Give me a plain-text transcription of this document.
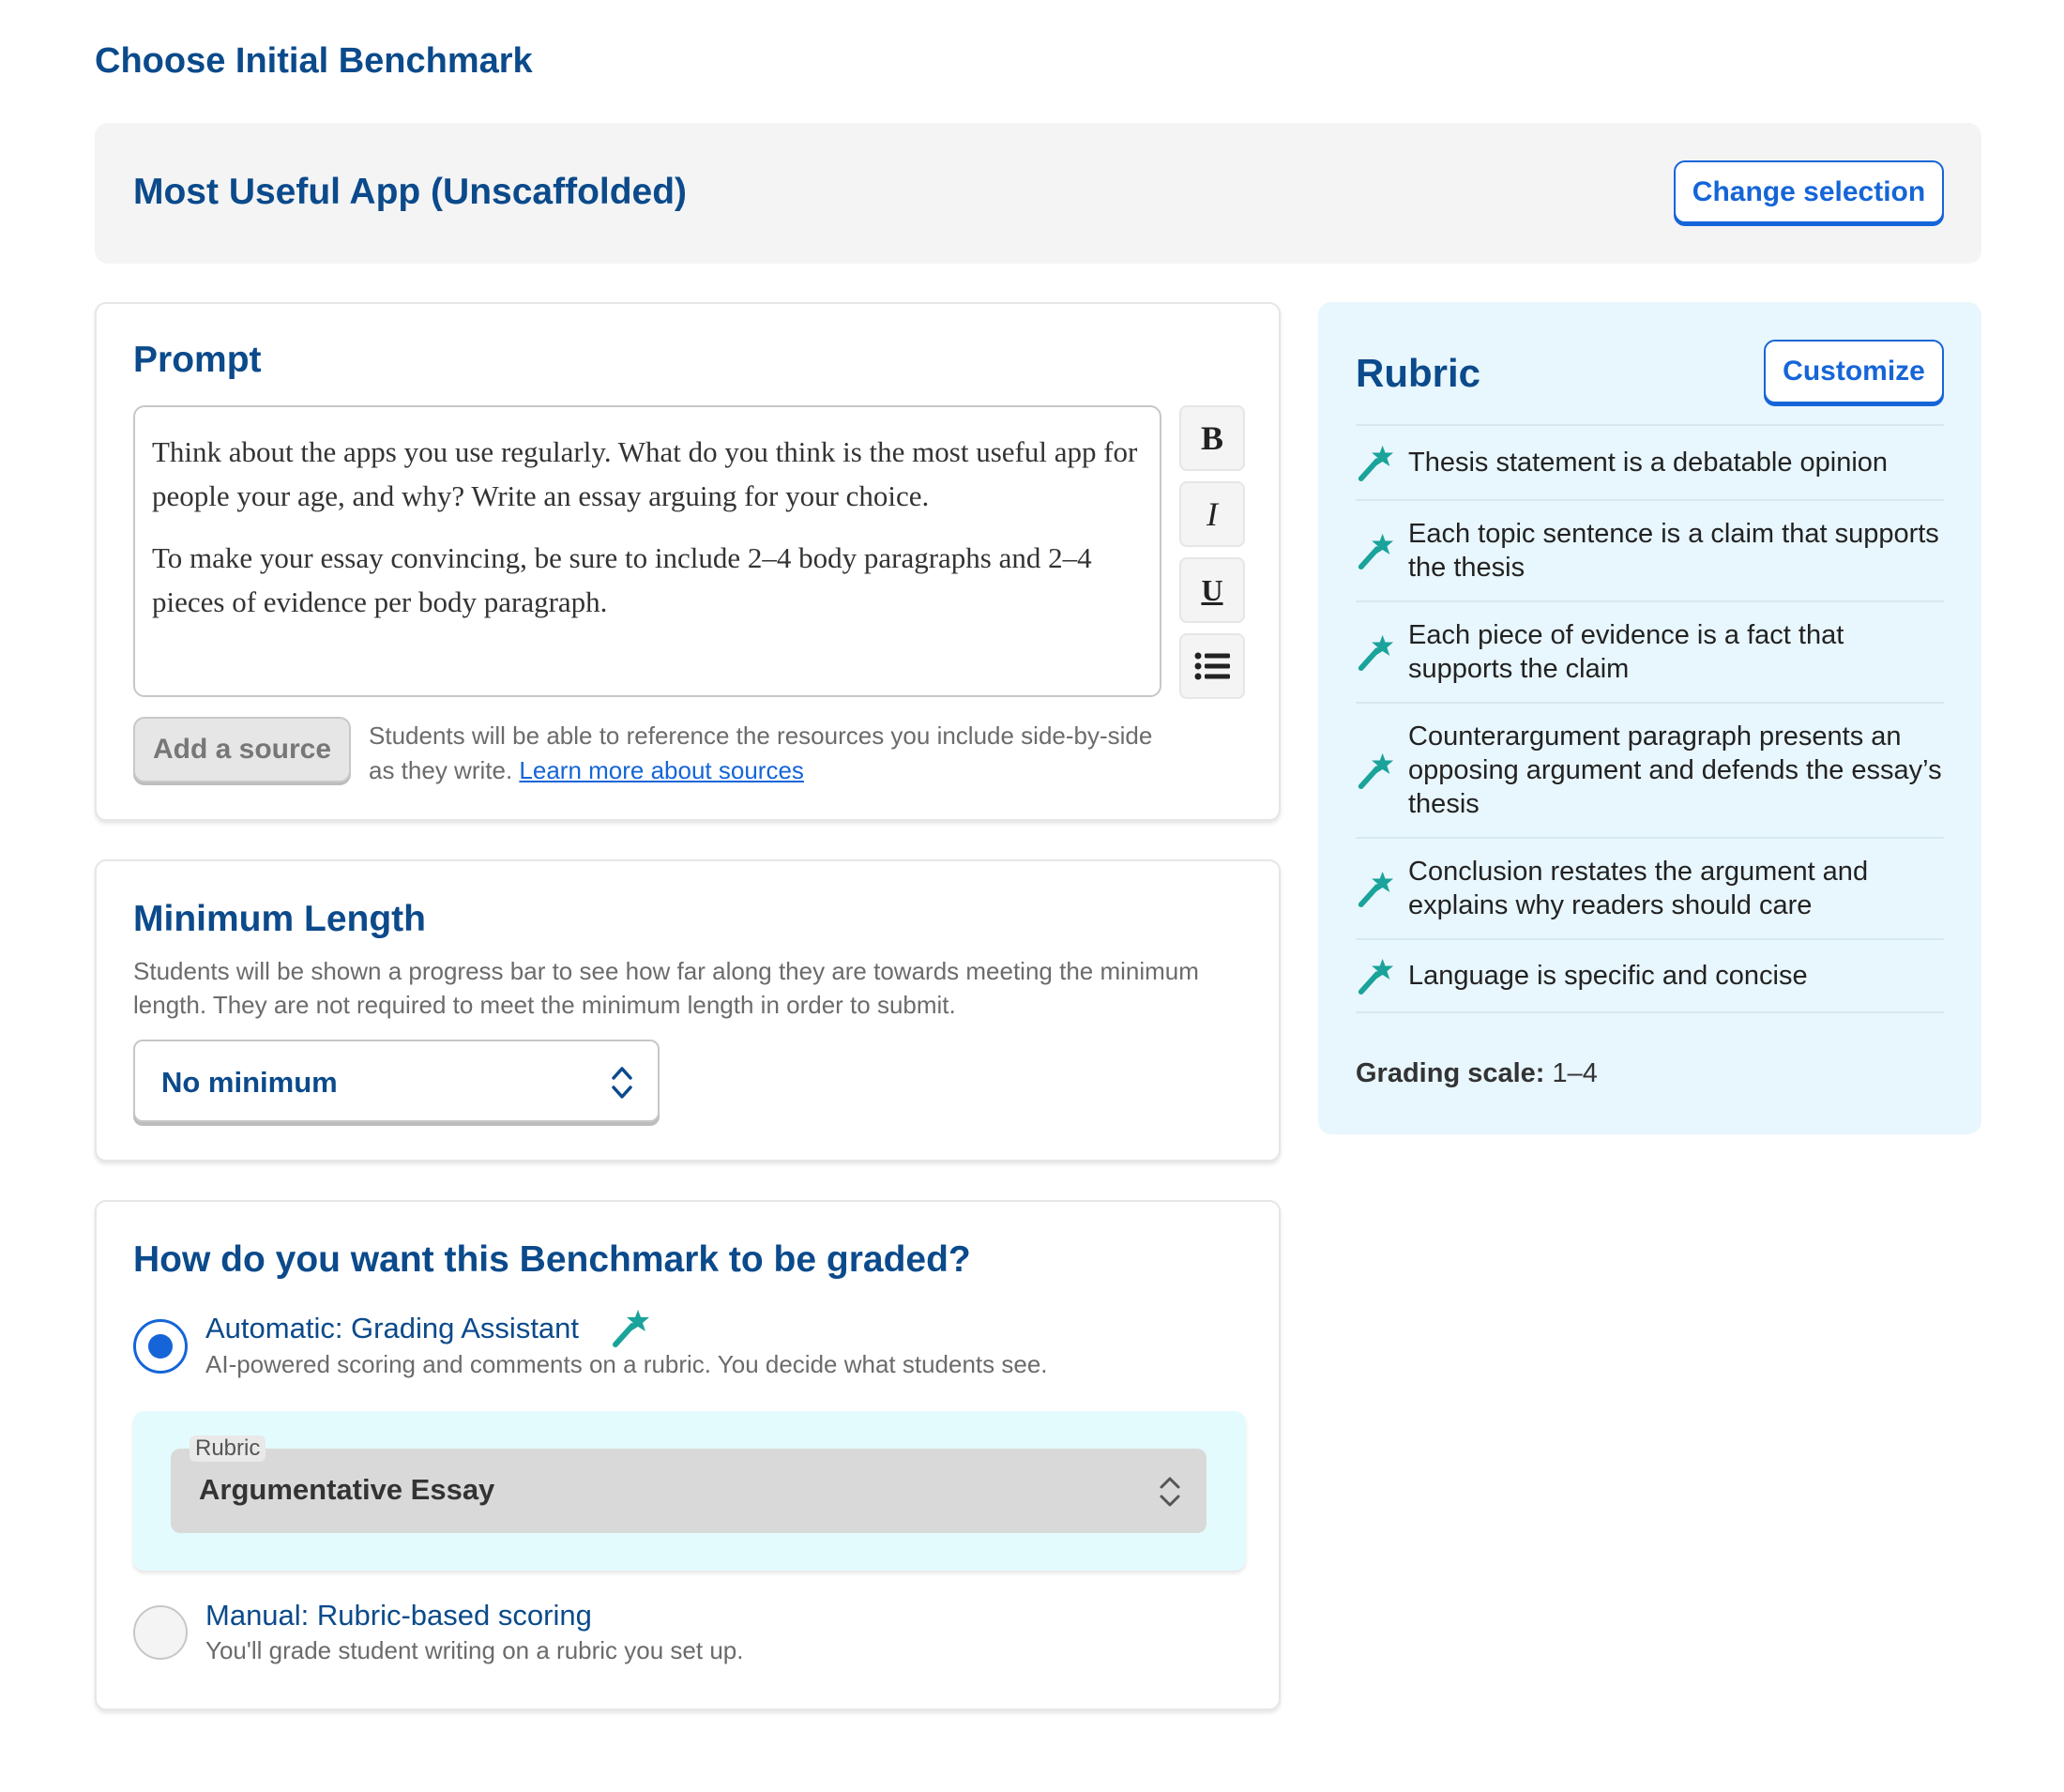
Choose Initial Benchmark
Most Useful App (Unscaffolded)	Change selection
Prompt

Think about the apps you use regularly. What do you think is the most useful app for people your age, and why? Write an essay arguing for your choice.

To make your essay convincing, be sure to include 2–4 body paragraphs and 2–4 pieces of evidence per body paragraph.

B
I
U
Add a source	Students will be able to reference the resources you include side-by-side as they write. Learn more about sources
Minimum Length
Students will be shown a progress bar to see how far along they are towards meeting the minimum length. They are not required to meet the minimum length in order to submit.
No minimum
How do you want this Benchmark to be graded?
Automatic: Grading Assistant
AI-powered scoring and comments on a rubric. You decide what students see.
Rubric
Argumentative Essay
Manual: Rubric-based scoring
You'll grade student writing on a rubric you set up.
Rubric	Customize
Thesis statement is a debatable opinion
Each topic sentence is a claim that supports the thesis
Each piece of evidence is a fact that supports the claim
Counterargument paragraph presents an opposing argument and defends the essay’s thesis
Conclusion restates the argument and explains why readers should care
Language is specific and concise
Grading scale: 1–4
